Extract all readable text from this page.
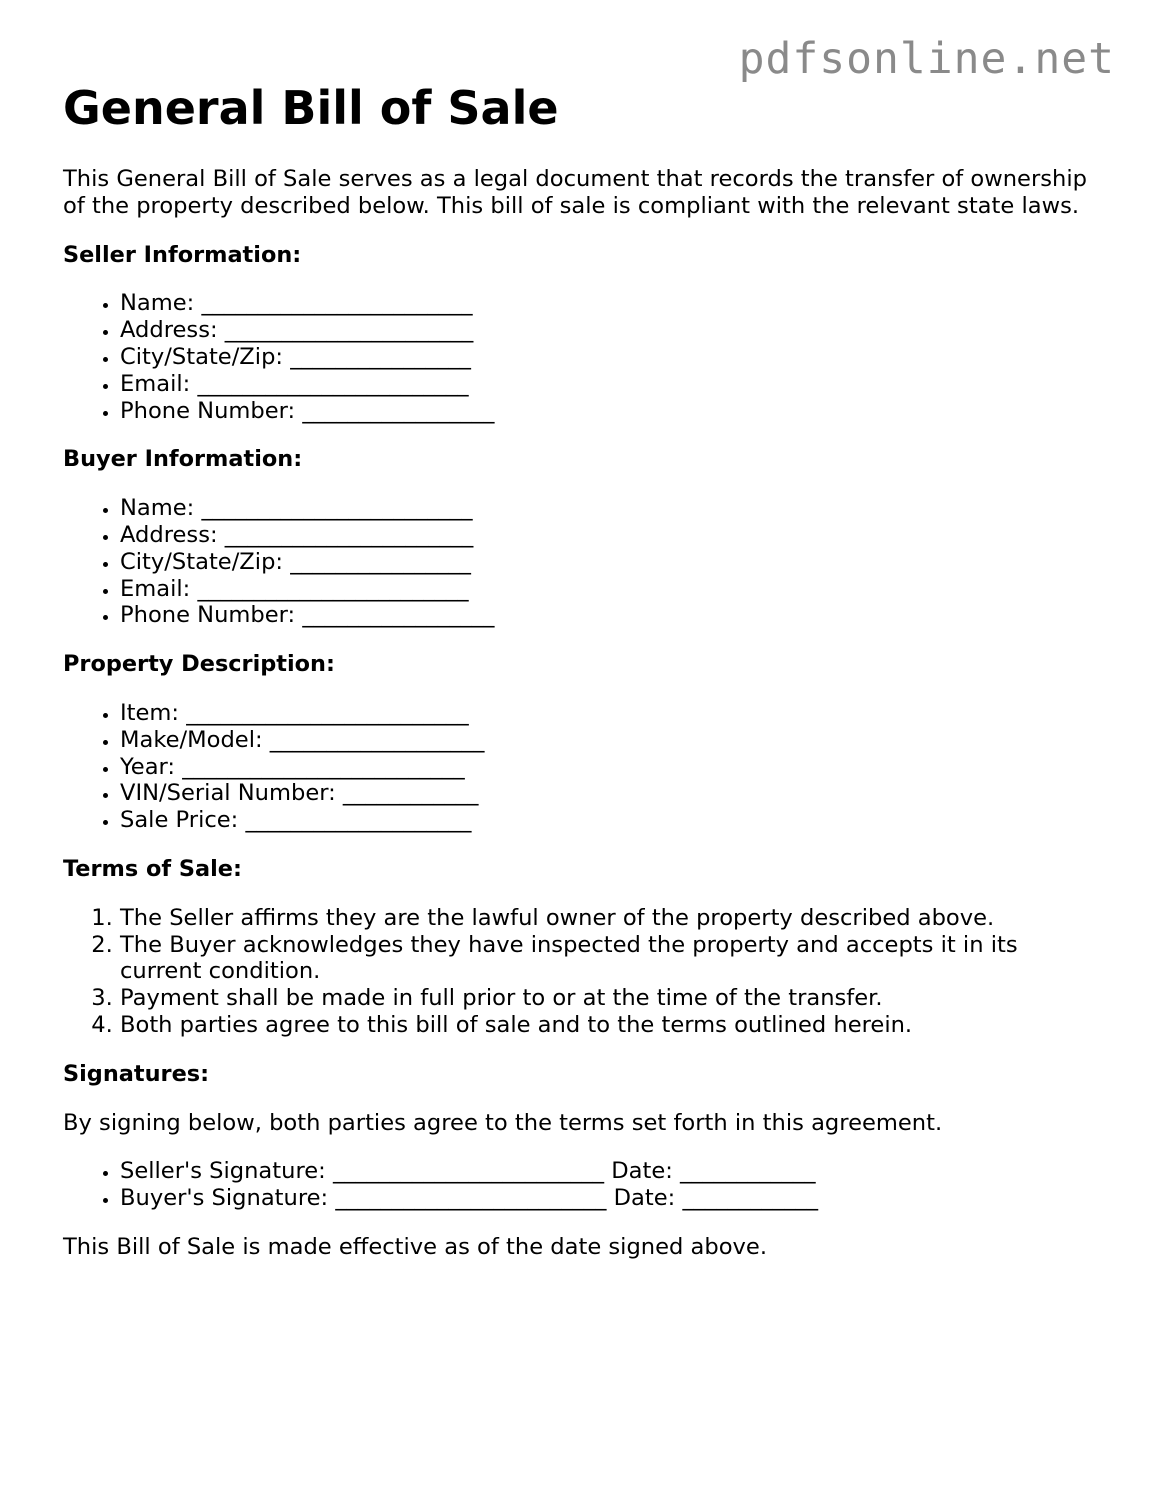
pdfsonline.net
General Bill of Sale

This General Bill of Sale serves as a legal document that records the transfer of ownership of the property described below. This bill of sale is compliant with the relevant state laws.

Seller Information:
• Name: ________________________
• Address: ______________________
• City/State/Zip: ________________
• Email: ________________________
• Phone Number: _________________
Buyer Information:
• Name: ________________________
• Address: ______________________
• City/State/Zip: ________________
• Email: ________________________
• Phone Number: _________________
Property Description:
• Item: _________________________
• Make/Model: ___________________
• Year: _________________________
• VIN/Serial Number: ____________
• Sale Price: ____________________
Terms of Sale:
1. The Seller affirms they are the lawful owner of the property described above.
2. The Buyer acknowledges they have inspected the property and accepts it in its current condition.
3. Payment shall be made in full prior to or at the time of the transfer.
4. Both parties agree to this bill of sale and to the terms outlined herein.
Signatures:

By signing below, both parties agree to the terms set forth in this agreement.

• Seller's Signature: ________________________ Date: ____________
• Buyer's Signature: ________________________ Date: ____________

This Bill of Sale is made effective as of the date signed above.
